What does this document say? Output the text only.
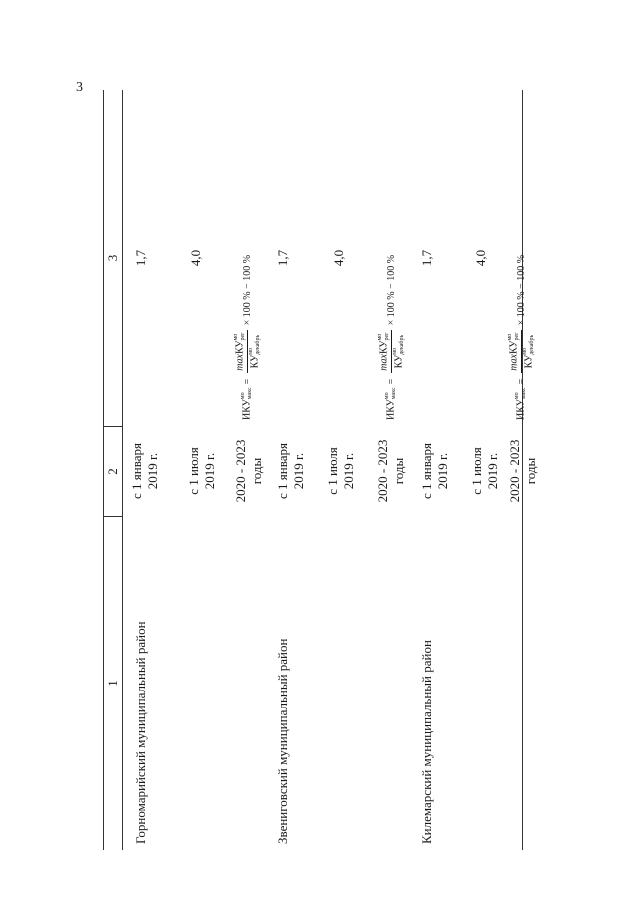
3
1
2
3
Горномарийский муниципальный район
с 1 января 2019 г.
1,7
с 1 июля 2019 г.
4,0
2020 - 2023 годы
ИКУ
мо макс
=
maxКУ
мо рег
КУ
мо декабрь
× 100 % − 100 %
Звениговский муниципальный район
с 1 января 2019 г.
1,7
с 1 июля 2019 г.
4,0
2020 - 2023 годы
ИКУ
мо макс
=
maxКУ
мо рег
КУ
мо декабрь
× 100 % − 100 %
Килемарский муниципальный район
с 1 января 2019 г.
1,7
с 1 июля 2019 г.
4,0
2020 - 2023 годы
ИКУ
мо макс
=
maxКУ
мо рег
КУ
мо декабрь
× 100 % − 100 %
